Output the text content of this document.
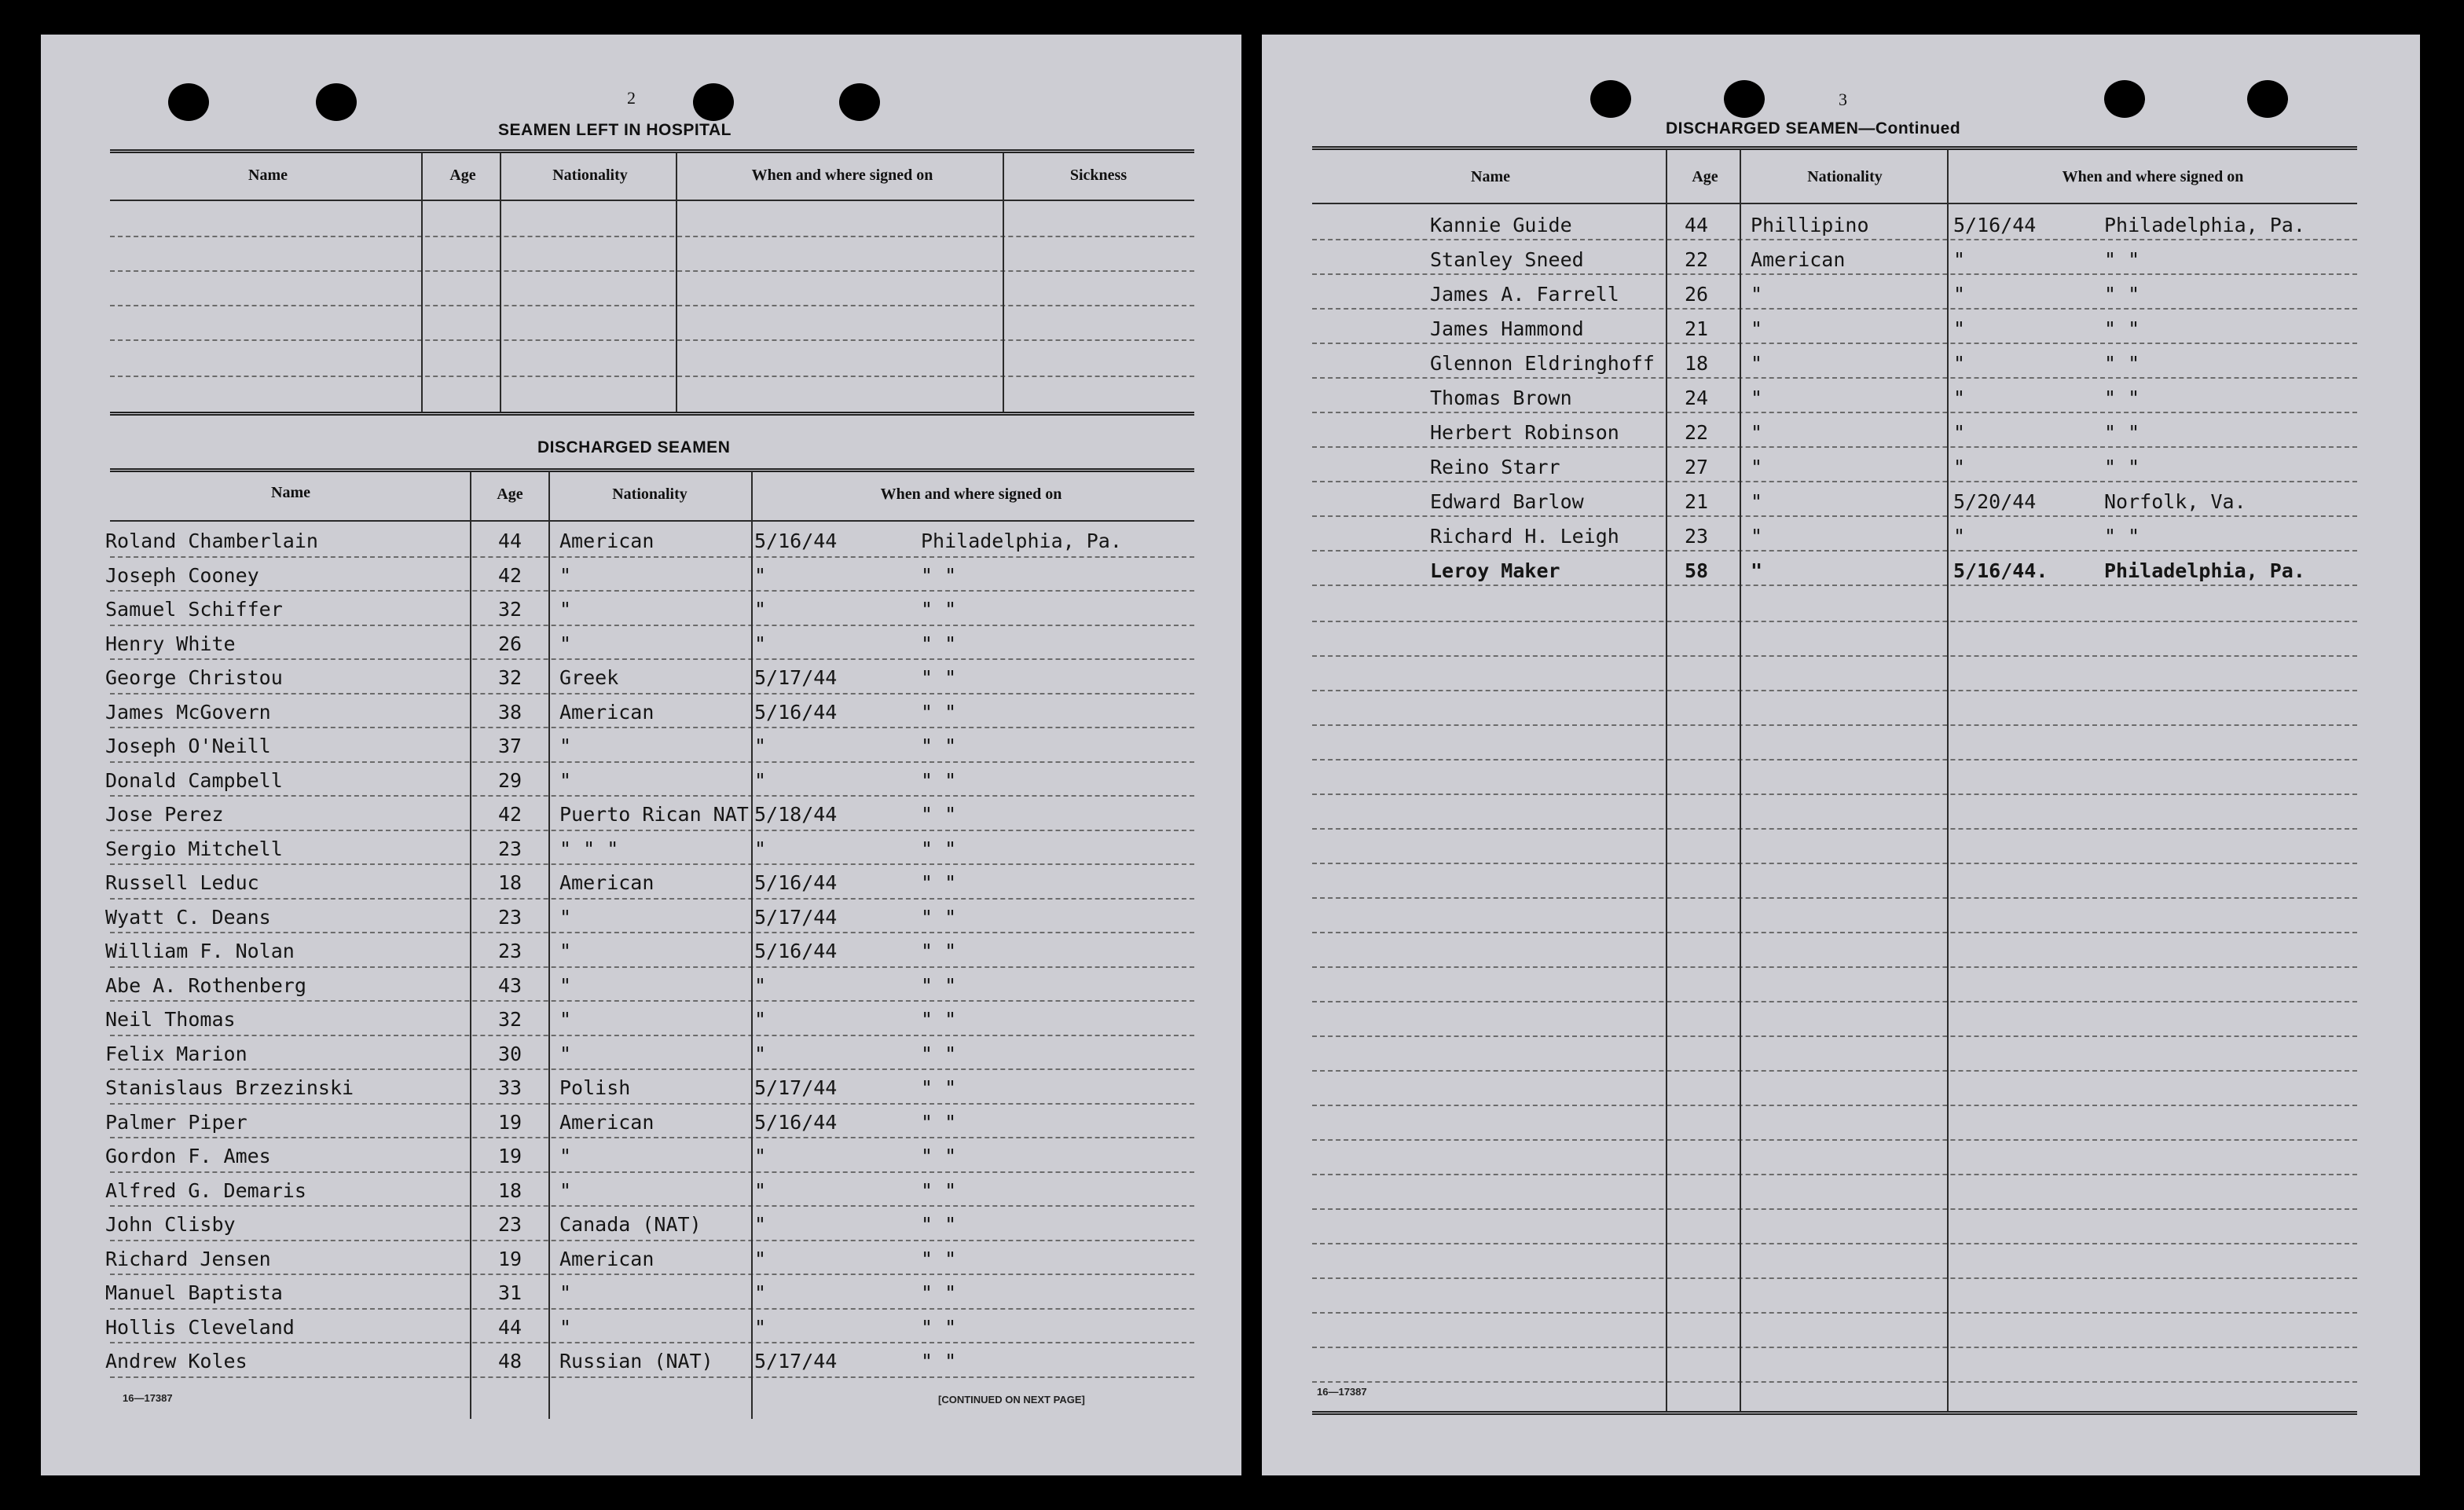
2
SEAMEN LEFT IN HOSPITAL
Name	Age	Nationality	When and where signed on	Sickness
DISCHARGED SEAMEN
Name	Age	Nationality	When and where signed on
Roland Chamberlain	44 American	5/16/44	Philadelphia, Pa.
Joseph Cooney	42 "	"	" "
Samuel Schiffer	32 "	"	" "
Henry White	26 "	"	" "
George Christou	32 Greek	5/17/44	" "
James McGovern	38 American	5/16/44	" "
Joseph O'Neill	37 "	"	" "
Donald Campbell	29 "	"	" "
Jose Perez	42 Puerto Rican NAT 5/18/44	" "
Sergio Mitchell	23 " " "	"	" "
Russell Leduc	18 American	5/16/44	" "
Wyatt C. Deans	23 "	5/17/44	" "
William F. Nolan	23 "	5/16/44	" "
Abe A. Rothenberg	43 "	"	" "
Neil Thomas	32 "	"	" "
Felix Marion	30 "	"	" "
Stanislaus Brzezinski	33 Polish	5/17/44	" "
Palmer Piper	19 American	5/16/44	" "
Gordon F. Ames	19 "	"	" "
Alfred G. Demaris	18 "	"	" "
John Clisby	23 Canada (NAT)	"	" "
Richard Jensen	19 American	"	" "
Manuel Baptista	31 "	"	" "
Hollis Cleveland	44 "	"	" "
Andrew Koles	48 Russian (NAT) 5/17/44	" "
16—17387	[CONTINUED ON NEXT PAGE]
3
DISCHARGED SEAMEN—Continued
Name	Age	Nationality	When and where signed on
Kannie Guide	44 Phillipino	5/16/44	Philadelphia, Pa.
Stanley Sneed	22 American	"	" "
James A. Farrell	26 "	"	" "
James Hammond	21 "	"	" "
Glennon Eldringhoff 18 "	"	" "
Thomas Brown	24 "	"	" "
Herbert Robinson	22 "	"	" "
Reino Starr	27 "	"	" "
Edward Barlow	21 "	5/20/44	Norfolk, Va.
Richard H. Leigh	23 "	"	" "
Leroy Maker	58 "	5/16/44.	Philadelphia, Pa.
16—17387
